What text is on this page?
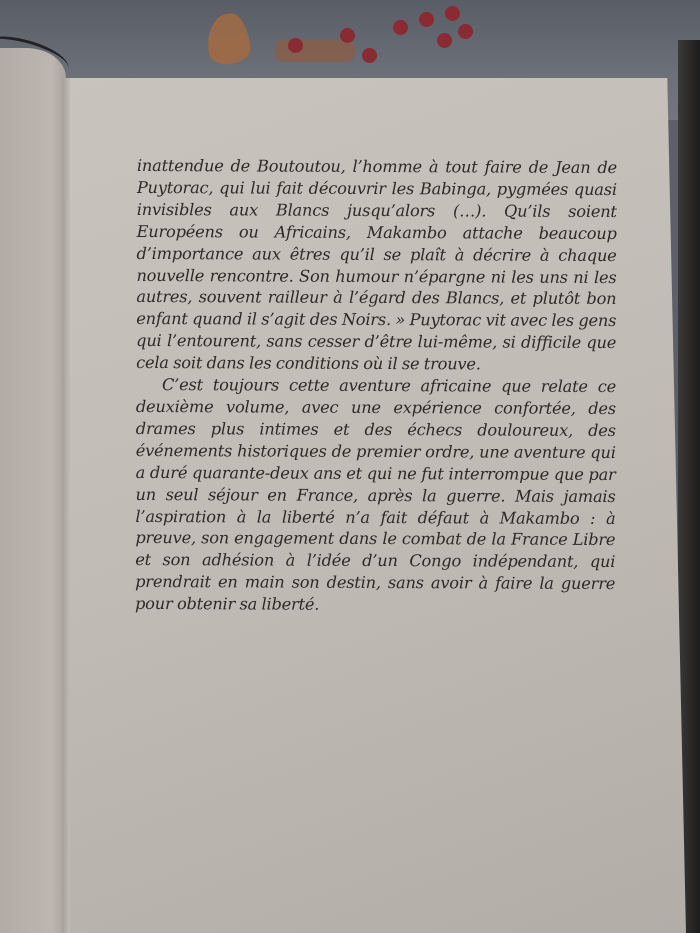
inattendue de Boutoutou, l’homme à tout faire de Jean de Puytorac, qui lui fait découvrir les Babinga, pygmées quasi invisibles aux Blancs jusqu’alors (…). Qu’ils soient Européens ou Africains, Makambo attache beaucoup d’importance aux êtres qu’il se plaît à décrire à chaque nouvelle rencontre. Son humour n’épargne ni les uns ni les autres, souvent railleur à l’égard des Blancs, et plutôt bon enfant quand il s’agit des Noirs. » Puytorac vit avec les gens qui l’entourent, sans cesser d’être lui-même, si difficile que cela soit dans les conditions où il se trouve.

C’est toujours cette aventure africaine que relate ce deuxième volume, avec une expérience confortée, des drames plus intimes et des échecs douloureux, des événements historiques de premier ordre, une aventure qui a duré quarante-deux ans et qui ne fut interrompue que par un seul séjour en France, après la guerre. Mais jamais l’aspiration à la liberté n’a fait défaut à Makambo : à preuve, son engagement dans le combat de la France Libre et son adhésion à l’idée d’un Congo indépendant, qui prendrait en main son destin, sans avoir à faire la guerre pour obtenir sa liberté.
